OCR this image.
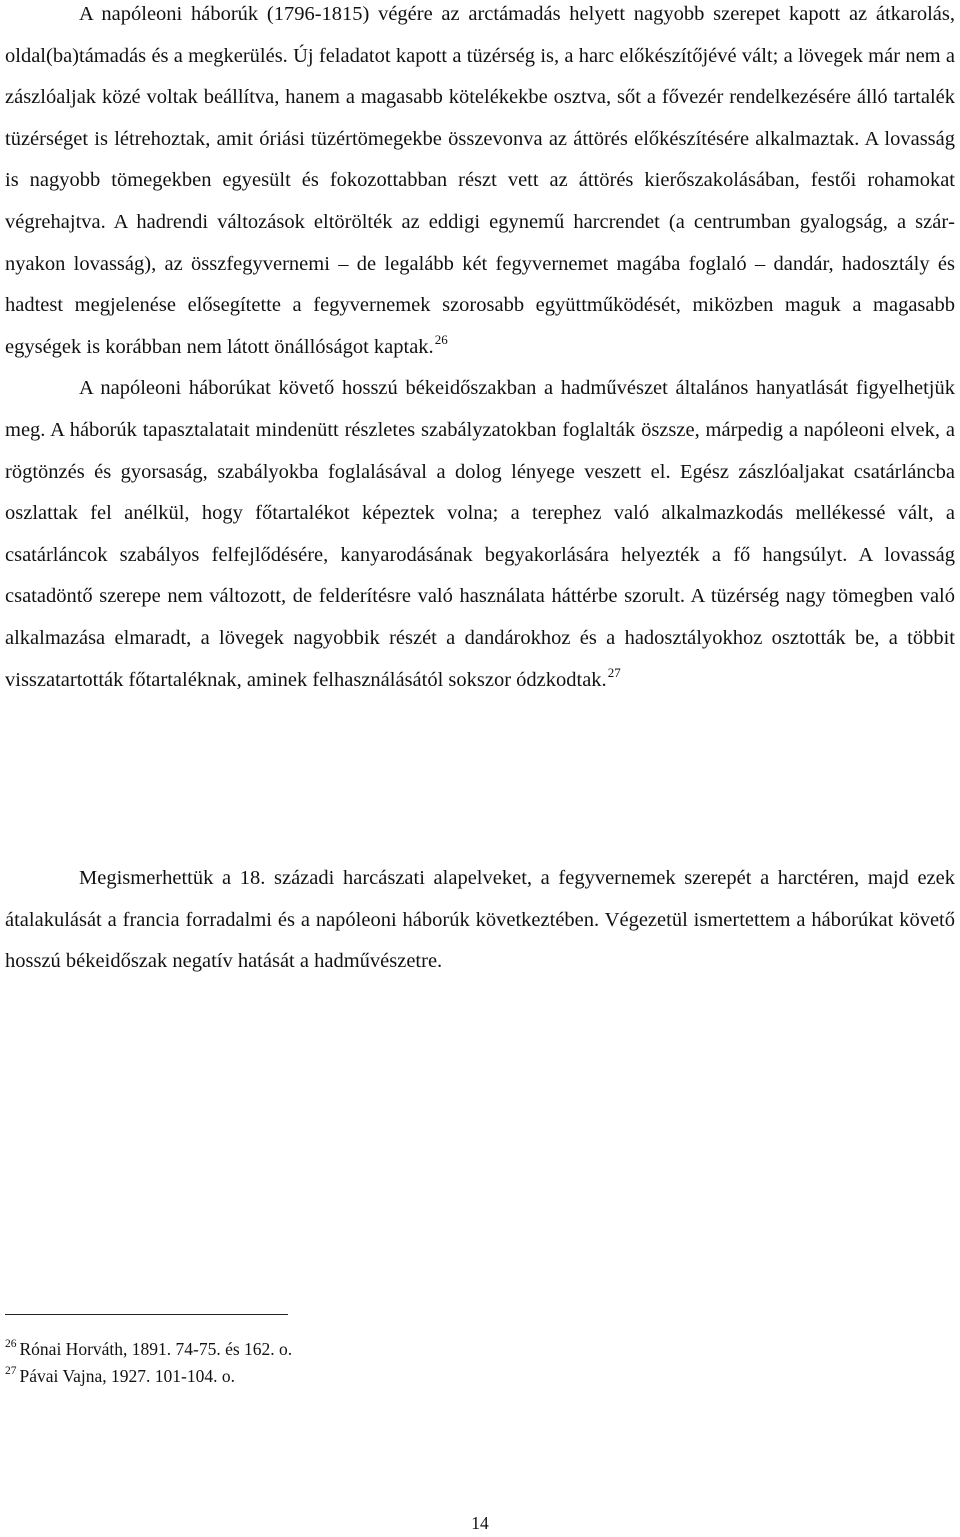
A napóleoni háborúk (1796-1815) végére az arctámadás helyett nagyobb szerepet kapott az átkarolás, oldal(ba)támadás és a megkerülés. Új feladatot kapott a tüzérség is, a harc előkészítőjévé vált; a lövegek már nem a zászlóaljak közé voltak beállítva, hanem a magasabb kötelékekbe osztva, sőt a fővezér rendelkezésére álló tartalék tüzérséget is létrehoztak, amit óriási tüzértömegekbe összevonva az áttörés előkészítésére alkalmaztak. A lovasság is nagyobb tömegekben egyesült és fokozottabban részt vett az áttörés kierőszakolásában, festői rohamokat végrehajtva. A hadrendi változások eltörölték az eddigi egynemű harcrendet (a centrumban gyalogság, a szárnyakon lovasság), az összfegyvernemi – de legalább két fegyvernemet magába foglaló – dandár, hadosztály és hadtest megjelenése elősegítette a fegyvernemek szorosabb együttműködését, miközben maguk a magasabb egységek is korábban nem látott önállóságot kaptak.$^{26}$

A napóleoni háborúkat követő hosszú békeidőszakban a hadművészet általános hanyatlását figyelhetjük meg. A háborúk tapasztalatait mindenütt részletes szabályzatokban foglalták öszsze, márpedig a napóleoni elvek, a rögtönzés és gyorsaság, szabályokba foglalásával a dolog lényege veszett el. Egész zászlóaljakat csatárláncba oszlattak fel anélkül, hogy főtartalékot képeztek volna; a terephez való alkalmazkodás mellékessé vált, a csatárláncok szabályos felfejlődésére, kanyarodásának begyakorlására helyezték a fő hangsúlyt. A lovasság csatadöntő szerepe nem változott, de felderítésre való használata háttérbe szorult. A tüzérség nagy tömegben való alkalmazása elmaradt, a lövegek nagyobbik részét a dandárokhoz és a hadosztályokhoz osztották be, a többit visszatartották főtartaléknak, aminek felhasználásától sokszor ódzkodtak.$^{27}$

Megismerhettük a 18. századi harcászati alapelveket, a fegyvernemek szerepét a harctéren, majd ezek átalakulását a francia forradalmi és a napóleoni háborúk következtében. Végezetül ismertettem a háborúkat követő hosszú békeidőszak negatív hatását a hadművészetre.

$^{26}$ Rónai Horváth, 1891. 74-75. és 162. o.

$^{27}$ Pávai Vajna, 1927. 101-104. o.

14
